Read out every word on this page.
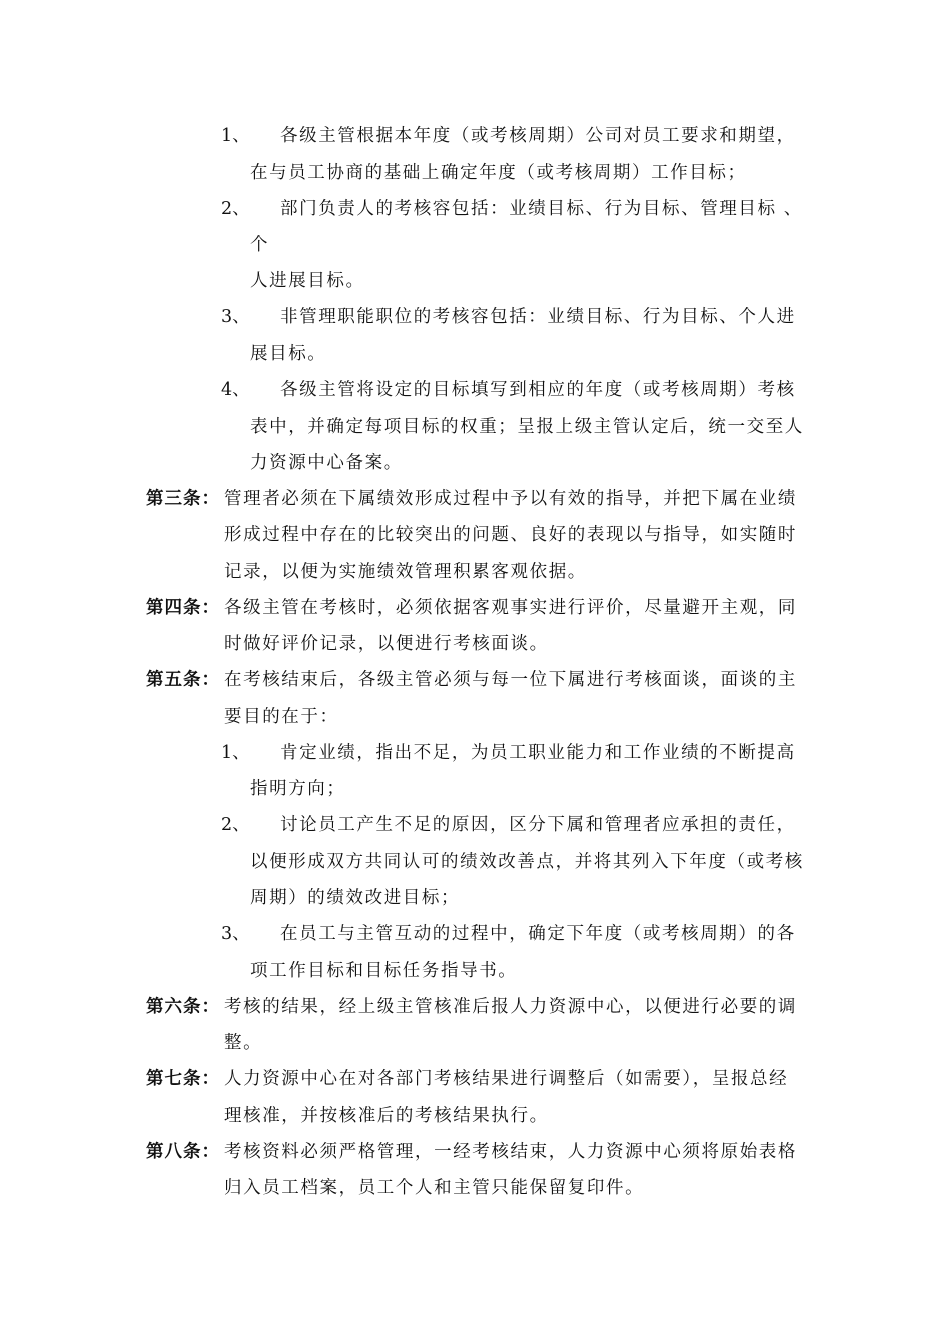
1、 各级主管根据本年度（或考核周期）公司对员工要求和期望，
在与员工协商的基础上确定年度（或考核周期）工作目标；
2、 部门负责人的考核容包括：业绩目标、行为目标、管理目标 、
个
人进展目标。
3、 非管理职能职位的考核容包括：业绩目标、行为目标、个人进
展目标。
4、 各级主管将设定的目标填写到相应的年度（或考核周期）考核
表中，并确定每项目标的权重；呈报上级主管认定后，统一交至人
力资源中心备案。
第三条： 管理者必须在下属绩效形成过程中予以有效的指导，并把下属在业绩
形成过程中存在的比较突出的问题、良好的表现以与指导，如实随时
记录，以便为实施绩效管理积累客观依据。
第四条： 各级主管在考核时，必须依据客观事实进行评价，尽量避开主观，同
时做好评价记录，以便进行考核面谈。
第五条： 在考核结束后，各级主管必须与每一位下属进行考核面谈，面谈的主
要目的在于：
1、 肯定业绩，指出不足，为员工职业能力和工作业绩的不断提高
指明方向；
2、 讨论员工产生不足的原因，区分下属和管理者应承担的责任，
以便形成双方共同认可的绩效改善点，并将其列入下年度（或考核
周期）的绩效改进目标；
3、 在员工与主管互动的过程中，确定下年度（或考核周期）的各
项工作目标和目标任务指导书。
第六条： 考核的结果，经上级主管核准后报人力资源中心，以便进行必要的调
整。
第七条： 人力资源中心在对各部门考核结果进行调整后（如需要），呈报总经
理核准，并按核准后的考核结果执行。
第八条： 考核资料必须严格管理，一经考核结束，人力资源中心须将原始表格
归入员工档案，员工个人和主管只能保留复印件。
